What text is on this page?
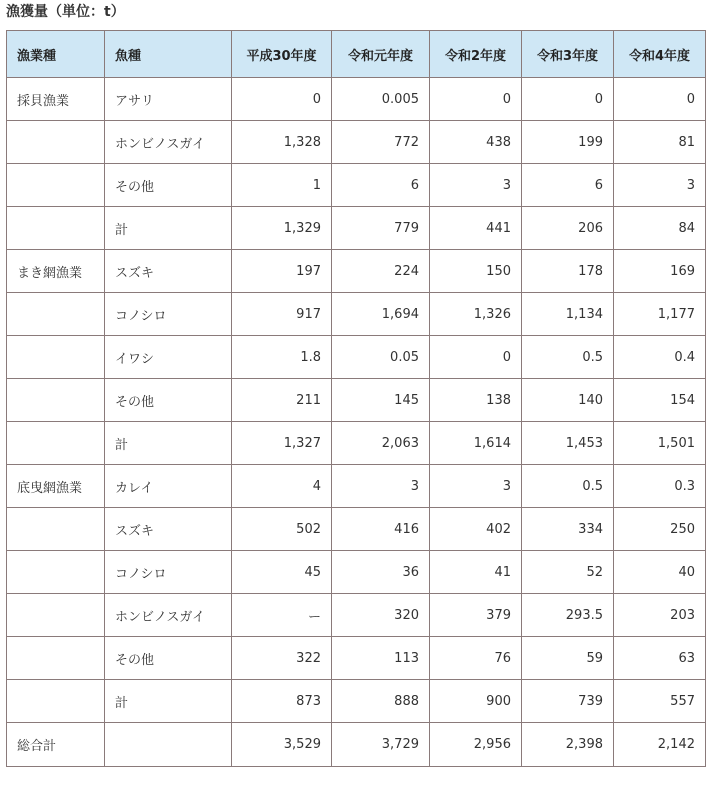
漁獲量（単位：t）
漁業種	魚種	平成30年度	令和元年度	令和2年度	令和3年度	令和4年度
採貝漁業	アサリ	0	0.005	0	0	0
	ホンビノスガイ	1,328	772	438	199	81
	その他	1	6	3	6	3
	計	1,329	779	441	206	84
まき網漁業	スズキ	197	224	150	178	169
	コノシロ	917	1,694	1,326	1,134	1,177
	イワシ	1.8	0.05	0	0.5	0.4
	その他	211	145	138	140	154
	計	1,327	2,063	1,614	1,453	1,501
底曳網漁業	カレイ	4	3	3	0.5	0.3
	スズキ	502	416	402	334	250
	コノシロ	45	36	41	52	40
	ホンビノスガイ	ー	320	379	293.5	203
	その他	322	113	76	59	63
	計	873	888	900	739	557
総合計		3,529	3,729	2,956	2,398	2,142
